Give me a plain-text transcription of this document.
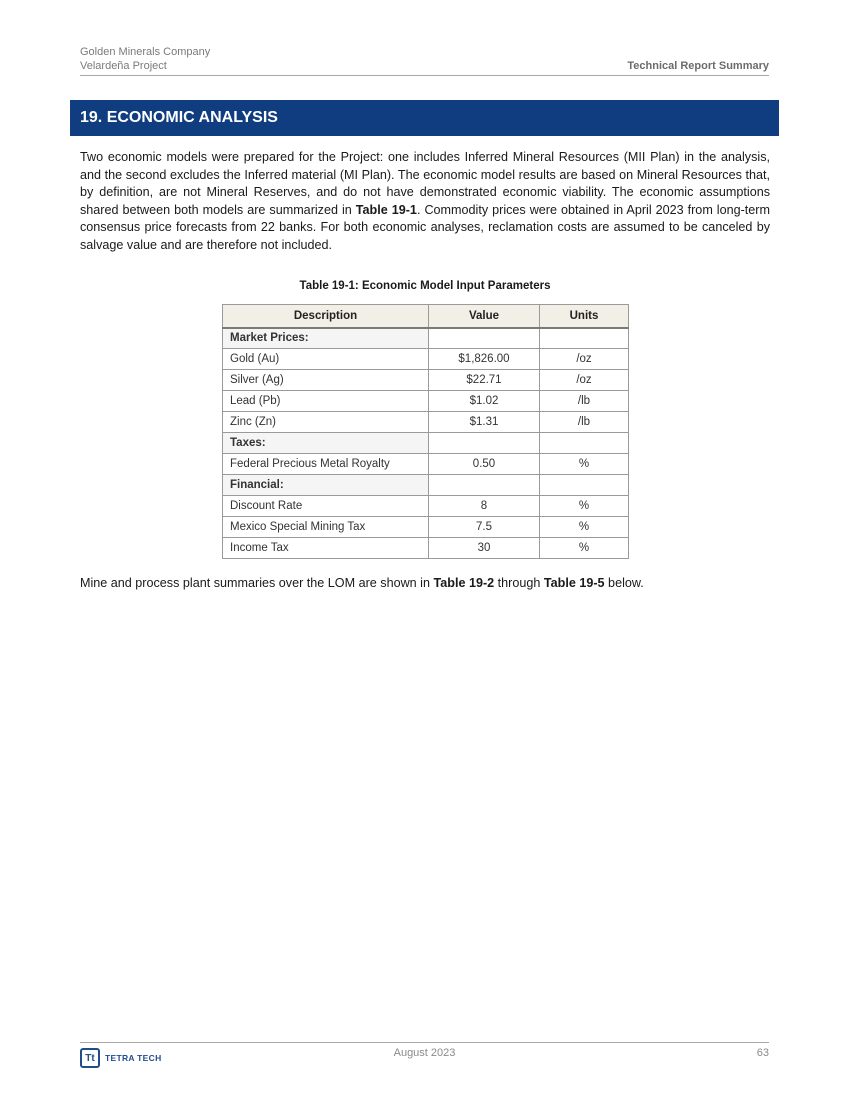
Golden Minerals Company
Velardeña Project	Technical Report Summary
19. ECONOMIC ANALYSIS
Two economic models were prepared for the Project: one includes Inferred Mineral Resources (MII Plan) in the analysis, and the second excludes the Inferred material (MI Plan). The economic model results are based on Mineral Resources that, by definition, are not Mineral Reserves, and do not have demonstrated economic viability. The economic assumptions shared between both models are summarized in Table 19-1. Commodity prices were obtained in April 2023 from long-term consensus price forecasts from 22 banks. For both economic analyses, reclamation costs are assumed to be canceled by salvage value and are therefore not included.
Table 19-1: Economic Model Input Parameters
Description	Value	Units
Market Prices:		
Gold (Au)	$1,826.00	/oz
Silver (Ag)	$22.71	/oz
Lead (Pb)	$1.02	/lb
Zinc (Zn)	$1.31	/lb
Taxes:		
Federal Precious Metal Royalty	0.50	%
Financial:		
Discount Rate	8	%
Mexico Special Mining Tax	7.5	%
Income Tax	30	%
Mine and process plant summaries over the LOM are shown in Table 19-2 through Table 19-5 below.
Tt	TETRA TECH	August 2023	63
